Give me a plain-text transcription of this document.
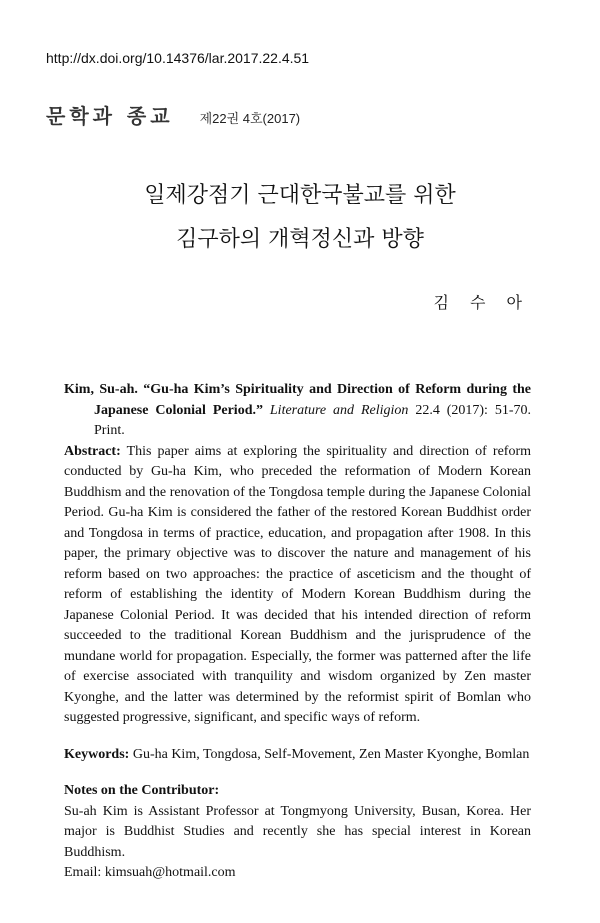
http://dx.doi.org/10.14376/lar.2017.22.4.51
문학과 종교 제22권 4호(2017)
일제강점기 근대한국불교를 위한
김구하의 개혁정신과 방향
김 수 아

Kim, Su-ah. “Gu-ha Kim’s Spirituality and Direction of Reform during the Japanese Colonial Period.” Literature and Religion 22.4 (2017): 51-70. Print.

Abstract: This paper aims at exploring the spirituality and direction of reform conducted by Gu-ha Kim, who preceded the reformation of Modern Korean Buddhism and the renovation of the Tongdosa temple during the Japanese Colonial Period. Gu-ha Kim is considered the father of the restored Korean Buddhist order and Tongdosa in terms of practice, education, and propagation after 1908. In this paper, the primary objective was to discover the nature and management of his reform based on two approaches: the practice of asceticism and the thought of reform of establishing the identity of Modern Korean Buddhism during the Japanese Colonial Period. It was decided that his intended direction of reform succeeded to the traditional Korean Buddhism and the jurisprudence of the mundane world for propagation. Especially, the former was patterned after the life of exercise associated with tranquility and wisdom organized by Zen master Kyonghe, and the latter was determined by the reformist spirit of Bomlan who suggested progressive, significant, and specific ways of reform.

Keywords: Gu-ha Kim, Tongdosa, Self-Movement, Zen Master Kyonghe, Bomlan

Notes on the Contributor:

Su-ah Kim is Assistant Professor at Tongmyong University, Busan, Korea. Her major is Buddhist Studies and recently she has special interest in Korean Buddhism.

Email: kimsuah@hotmail.com
